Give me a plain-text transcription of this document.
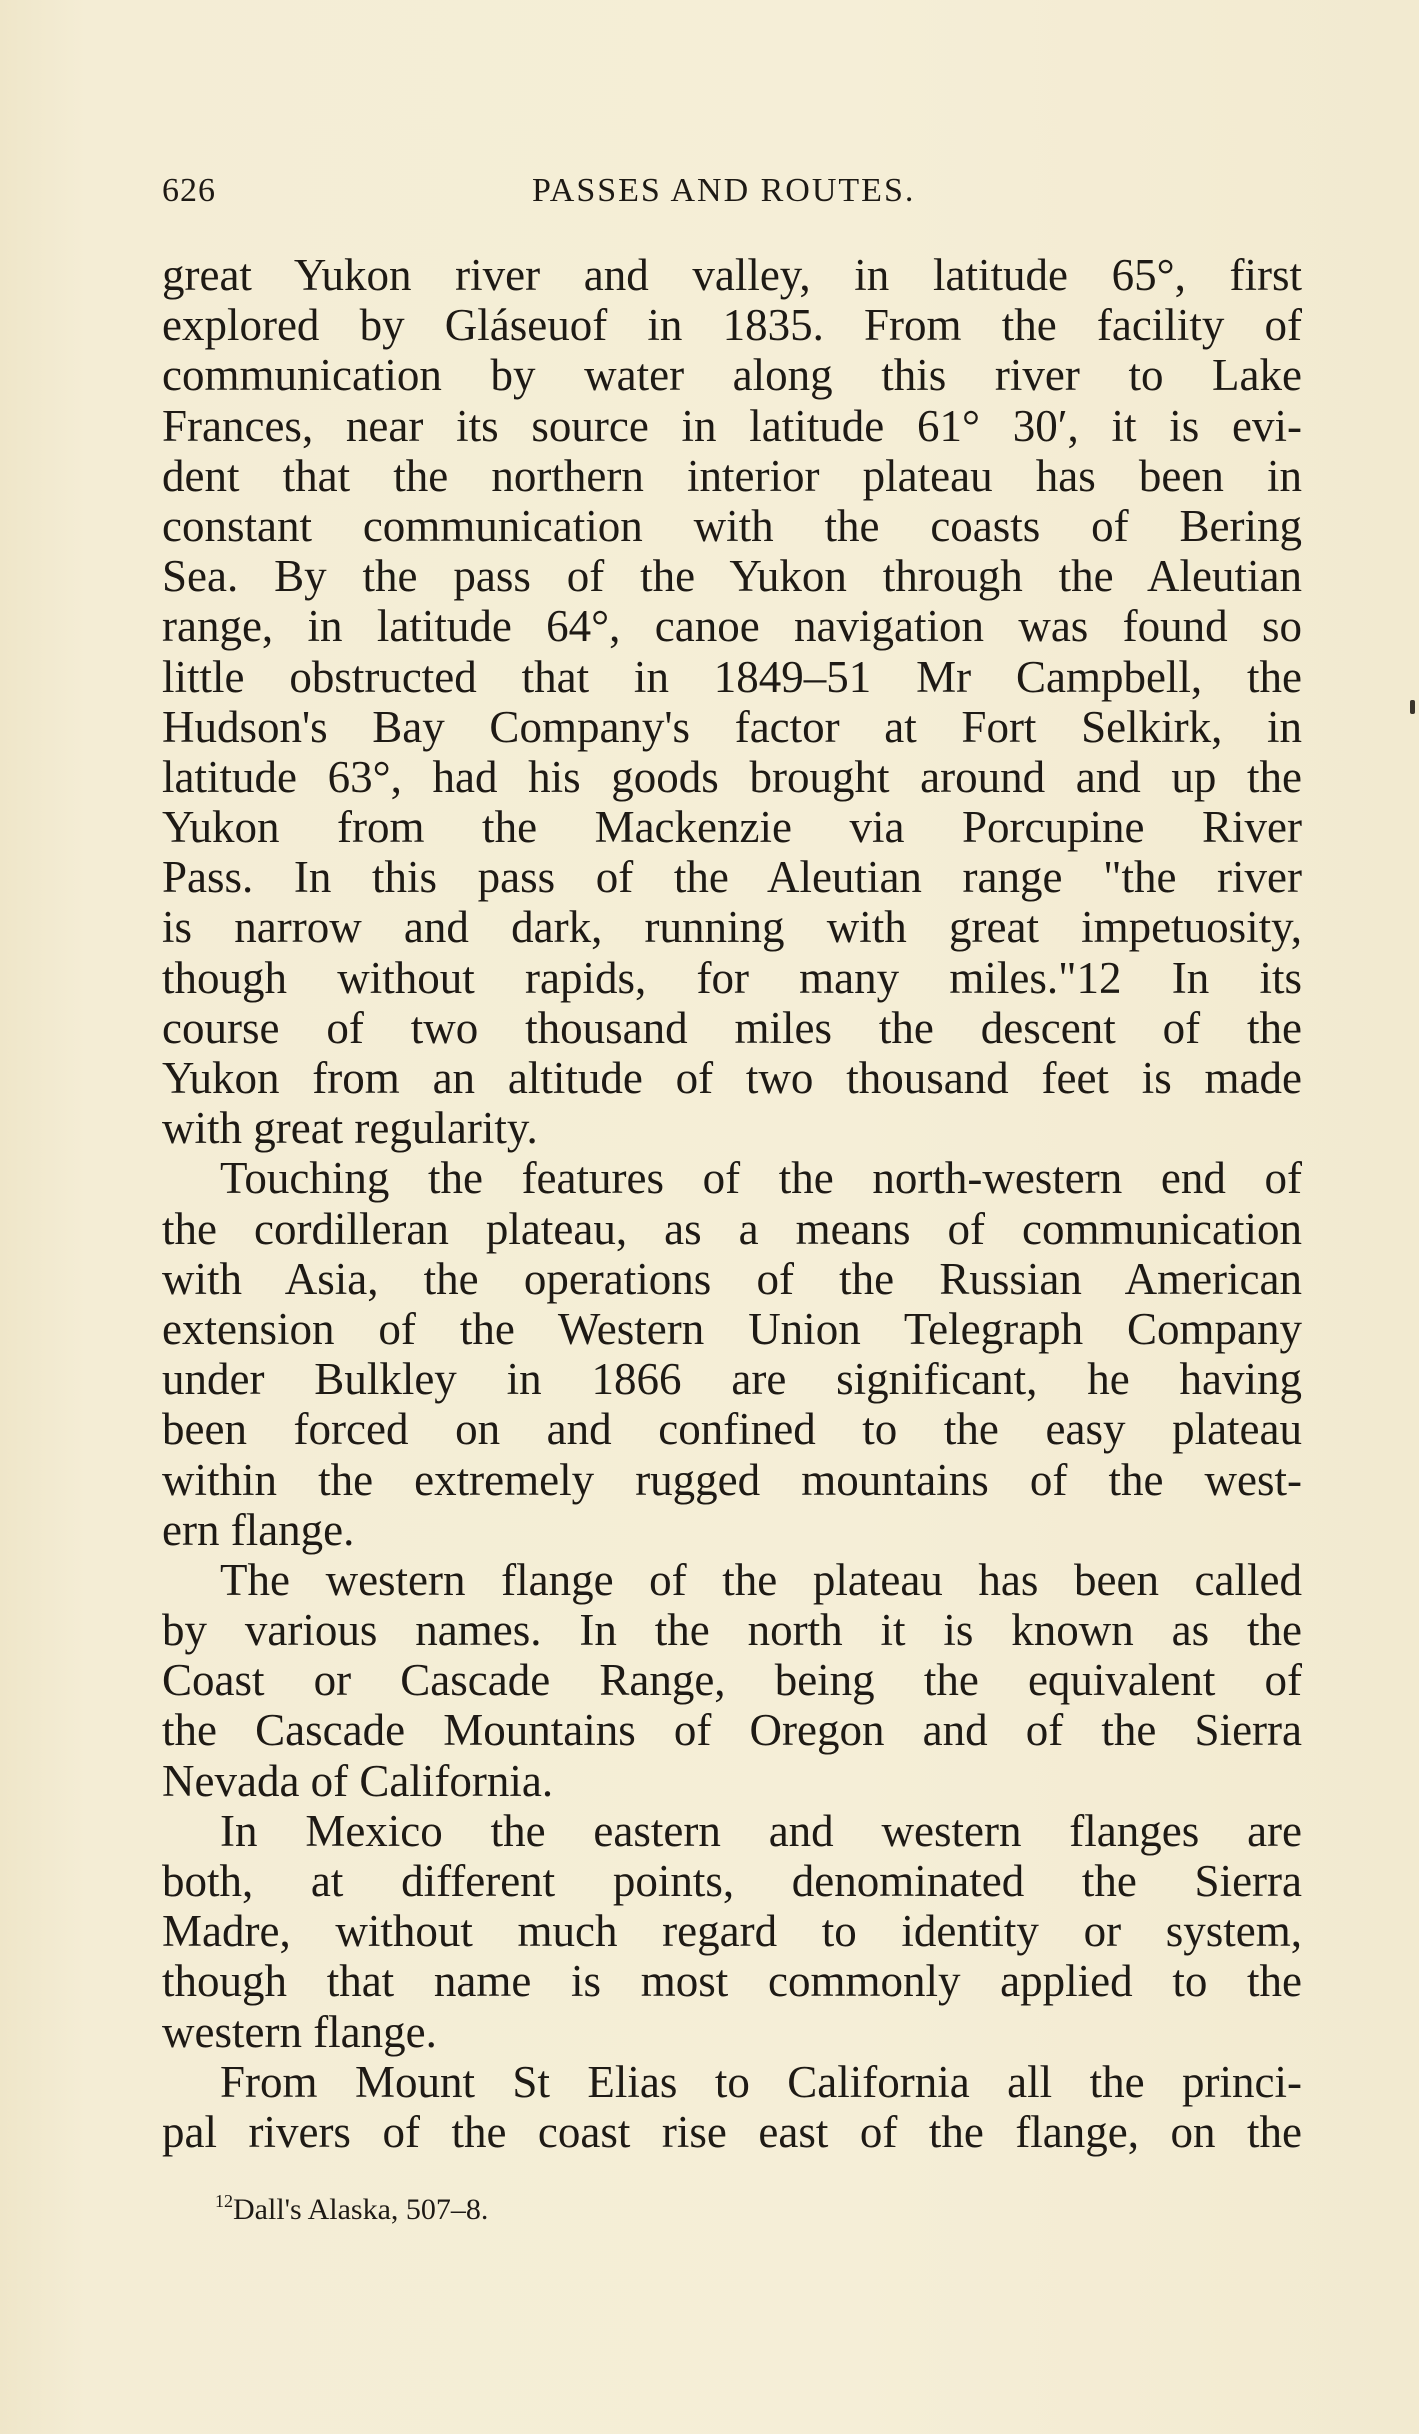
626	PASSES AND ROUTES.
great Yukon river and valley, in latitude 65°, first
explored by Gláseuof in 1835. From the facility of
communication by water along this river to Lake
Frances, near its source in latitude 61° 30′, it is evi-
dent that the northern interior plateau has been in
constant communication with the coasts of Bering
Sea. By the pass of the Yukon through the Aleutian
range, in latitude 64°, canoe navigation was found so
little obstructed that in 1849–51 Mr Campbell, the
Hudson's Bay Company's factor at Fort Selkirk, in
latitude 63°, had his goods brought around and up the
Yukon from the Mackenzie via Porcupine River
Pass. In this pass of the Aleutian range "the river
is narrow and dark, running with great impetuosity,
though without rapids, for many miles."12 In its
course of two thousand miles the descent of the
Yukon from an altitude of two thousand feet is made
with great regularity.
Touching the features of the north-western end of
the cordilleran plateau, as a means of communication
with Asia, the operations of the Russian American
extension of the Western Union Telegraph Company
under Bulkley in 1866 are significant, he having
been forced on and confined to the easy plateau
within the extremely rugged mountains of the west-
ern flange.
The western flange of the plateau has been called
by various names. In the north it is known as the
Coast or Cascade Range, being the equivalent of
the Cascade Mountains of Oregon and of the Sierra
Nevada of California.
In Mexico the eastern and western flanges are
both, at different points, denominated the Sierra
Madre, without much regard to identity or system,
though that name is most commonly applied to the
western flange.
From Mount St Elias to California all the princi-
pal rivers of the coast rise east of the flange, on the
$^{12}$Dall's Alaska, 507–8.
